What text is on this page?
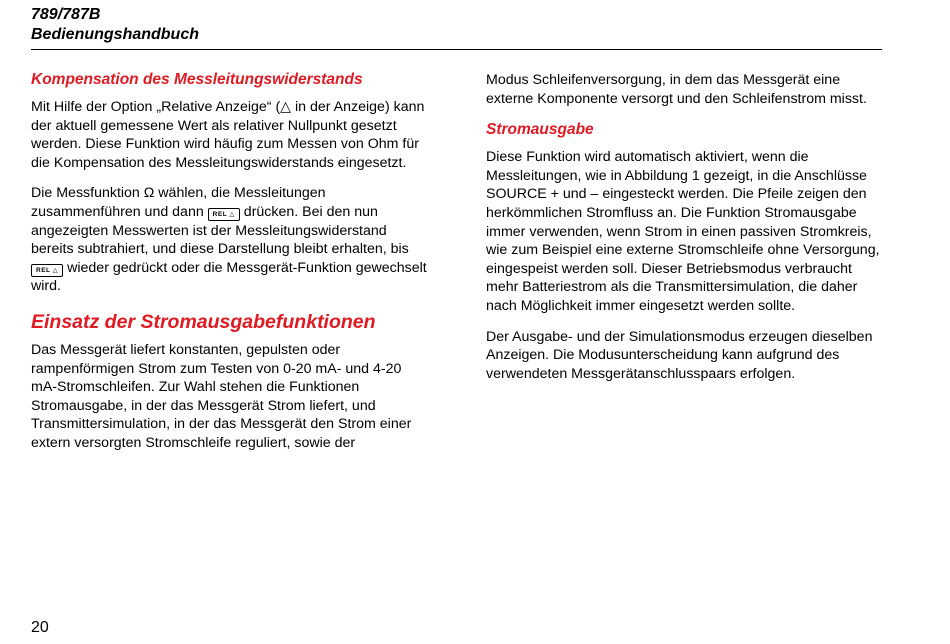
789/787B
Bedienungshandbuch
Kompensation des Messleitungswiderstands

Mit Hilfe der Option „Relative Anzeige“ (△ in der Anzeige) kann der aktuell gemessene Wert als relativer Nullpunkt gesetzt werden. Diese Funktion wird häufig zum Messen von Ohm für die Kompensation des Messleitungswiderstands eingesetzt.

Die Messfunktion Ω wählen, die Messleitungen zusammenführen und dann REL △ drücken. Bei den nun angezeigten Messwerten ist der Messleitungswiderstand bereits subtrahiert, und diese Darstellung bleibt erhalten, bis REL △ wieder gedrückt oder die Messgerät-Funktion gewechselt wird.

Einsatz der Stromausgabefunktionen

Das Messgerät liefert konstanten, gepulsten oder rampenförmigen Strom zum Testen von 0-20 mA- und 4-20 mA-Stromschleifen. Zur Wahl stehen die Funktionen Stromausgabe, in der das Messgerät Strom liefert, und Transmittersimulation, in der das Messgerät den Strom einer extern versorgten Stromschleife reguliert, sowie der

Modus Schleifenversorgung, in dem das Messgerät eine externe Komponente versorgt und den Schleifenstrom misst.

Stromausgabe

Diese Funktion wird automatisch aktiviert, wenn die Messleitungen, wie in Abbildung 1 gezeigt, in die Anschlüsse SOURCE + und – eingesteckt werden. Die Pfeile zeigen den herkömmlichen Stromfluss an. Die Funktion Stromausgabe immer verwenden, wenn Strom in einen passiven Stromkreis, wie zum Beispiel eine externe Stromschleife ohne Versorgung, eingespeist werden soll. Dieser Betriebsmodus verbraucht mehr Batteriestrom als die Transmittersimulation, die daher nach Möglichkeit immer eingesetzt werden sollte.

Der Ausgabe- und der Simulationsmodus erzeugen dieselben Anzeigen. Die Modusunterscheidung kann aufgrund des verwendeten Messgerätanschlusspaars erfolgen.

20
